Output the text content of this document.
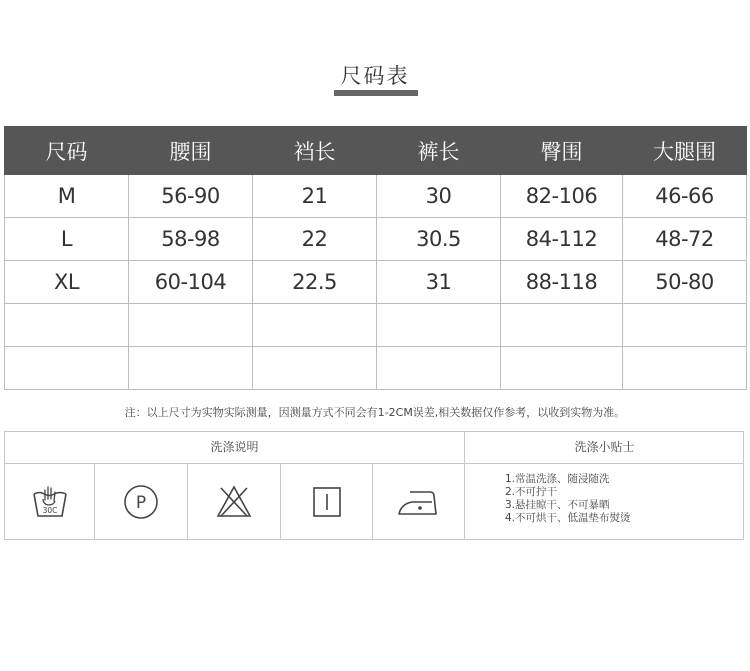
尺码表
尺码	腰围	裆长	裤长	臀围	大腿围
M	56-90	21	30	82-106	46-66
L	58-98	22	30.5	84-112	48-72
XL	60-104	22.5	31	88-118	50-80

注：以上尺寸为实物实际测量，因测量方式不同会有1-2CM误差,相关数据仅作参考，以收到实物为准。
洗涤说明	洗涤小贴士
30C	P
1.常温洗涤、随浸随洗
2.不可拧干
3.悬挂晾干、不可暴晒
4.不可烘干、低温垫布熨烫
